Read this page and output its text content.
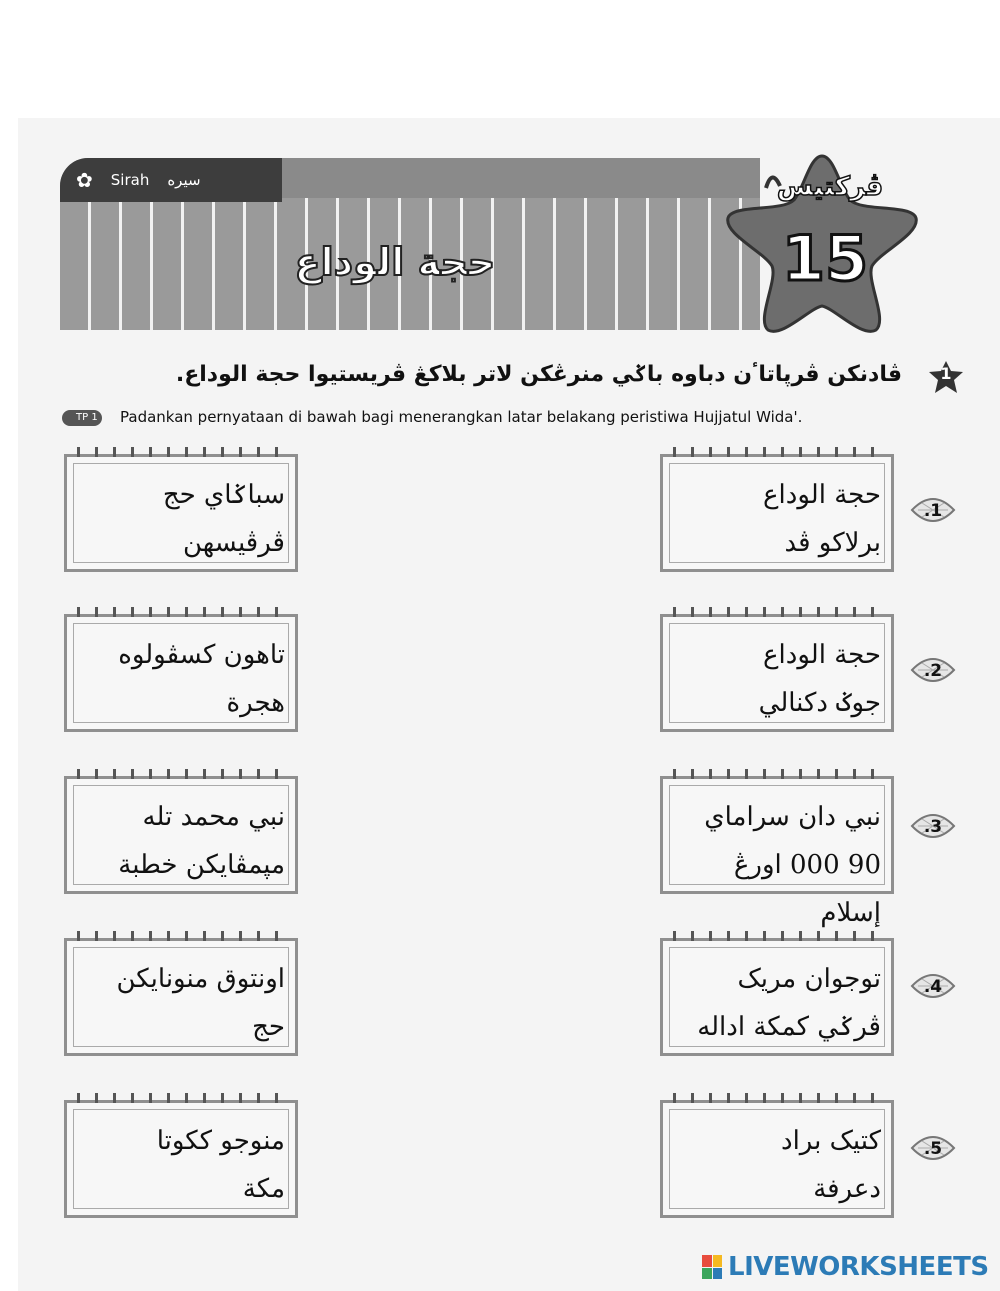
✿ Sirah سيره
حجة الوداع
ڤرکتيس
15
1
ڤادنکن ڤرڽاتاٴن دباوه باݢي منرڠکن لاتر بلاکڠ ڤريستيوا حجة الوداع.
TP 1 Padankan pernyataan di bawah bagi menerangkan latar belakang peristiwa Hujjatul Wida'.
سباݢاي حج
ڤرڤيسهن
تاهون کسڤولوه
هجرة
نبي محمد تله
مڽمڤايکن خطبة
اونتوق منونايکن
حج
منوجو ککوتا
مکة
حجة الوداع
برلاکو ڤد
حجة الوداع
جوݢ دکنالي
نبي دان سراماي
90 000 اورڠ إسلام
توجوان مريک
ڤرݢي کمکة اداله
کتيک براد
دعرفة
.1
.2
.3
.4
.5
LIVEWORKSHEETS
